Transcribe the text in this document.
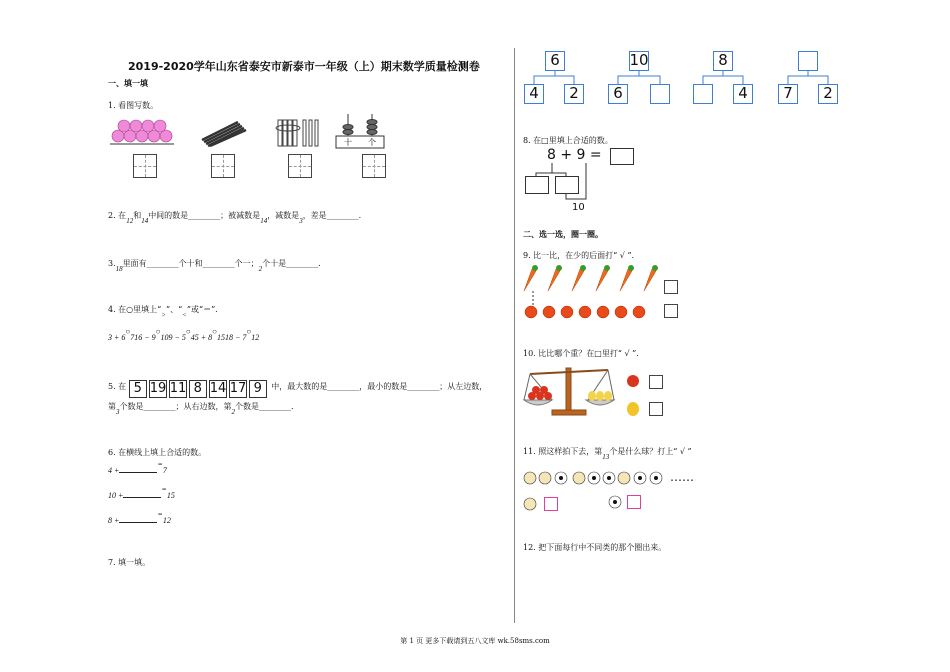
2019-2020学年山东省泰安市新泰市一年级（上）期末数学质量检测卷
一、填一填
1. 看图写数。
十 个
2. 在12和14中间的数是________；被减数是14，减数是3，差是________.
3.18里面有________个十和________个一；2个十是________.
4. 在○里填上“>”、“<”或“＝”.
3 + 6○716 − 9○109 − 5○45 + 8○1518 − 7○12
5. 在 5 19 11 8 14 17 9 中，最大数的是________，最小的数是________；从左边数，
第3个数是________；从右边数，第2个数是________.
6. 在横线上填上合适的数。
4 +=7
10 +=15
8 +=12
7. 填一填。
6
4	2
10
6
8
4	7	2
8. 在□里填上合适的数。
8 + 9 =
10
二、选一选，圈一圈。
9. 比一比，在少的后面打“ √ ”.
10. 比比哪个重？在□里打“ √ ”.
11. 照这样拍下去，第13个是什么球？打上“ √ ”
……
12. 把下面每行中不同类的那个圈出来。
第 1 页 更多下载请到五八文库 wk.58sms.com
